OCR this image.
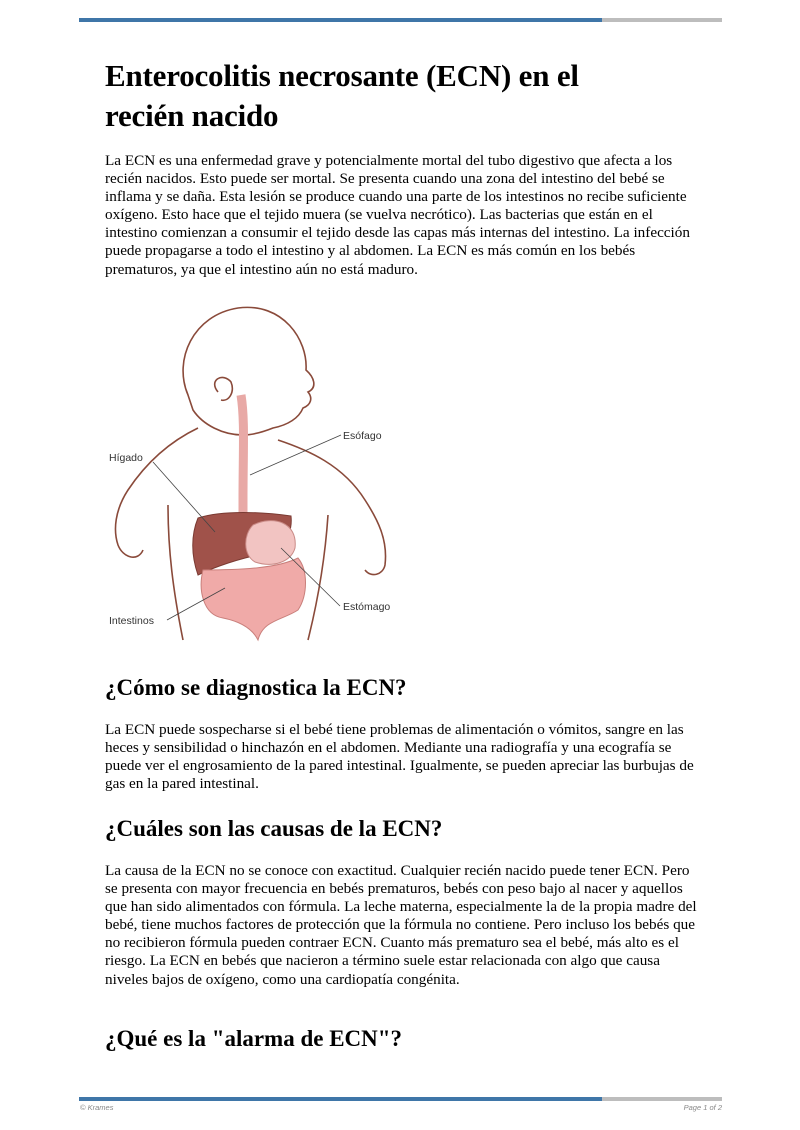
Enterocolitis necrosante (ECN) en el recién nacido

La ECN es una enfermedad grave y potencialmente mortal del tubo digestivo que afecta a los recién nacidos. Esto puede ser mortal. Se presenta cuando una zona del intestino del bebé se inflama y se daña. Esta lesión se produce cuando una parte de los intestinos no recibe suficiente oxígeno. Esto hace que el tejido muera (se vuelva necrótico). Las bacterias que están en el intestino comienzan a consumir el tejido desde las capas más internas del intestino. La infección puede propagarse a todo el intestino y al abdomen. La ECN es más común en los bebés prematuros, ya que el intestino aún no está maduro.

Esófago
Hígado
Estómago
Intestinos
¿Cómo se diagnostica la ECN?

La ECN puede sospecharse si el bebé tiene problemas de alimentación o vómitos, sangre en las heces y sensibilidad o hinchazón en el abdomen. Mediante una radiografía y una ecografía se puede ver el engrosamiento de la pared intestinal. Igualmente, se pueden apreciar las burbujas de gas en la pared intestinal.

¿Cuáles son las causas de la ECN?

La causa de la ECN no se conoce con exactitud. Cualquier recién nacido puede tener ECN. Pero se presenta con mayor frecuencia en bebés prematuros, bebés con peso bajo al nacer y aquellos que han sido alimentados con fórmula. La leche materna, especialmente la de la propia madre del bebé, tiene muchos factores de protección que la fórmula no contiene. Pero incluso los bebés que no recibieron fórmula pueden contraer ECN. Cuanto más prematuro sea el bebé, más alto es el riesgo. La ECN en bebés que nacieron a término suele estar relacionada con algo que causa niveles bajos de oxígeno, como una cardiopatía congénita.

¿Qué es la "alarma de ECN"?
© Krames	Page 1 of 2
